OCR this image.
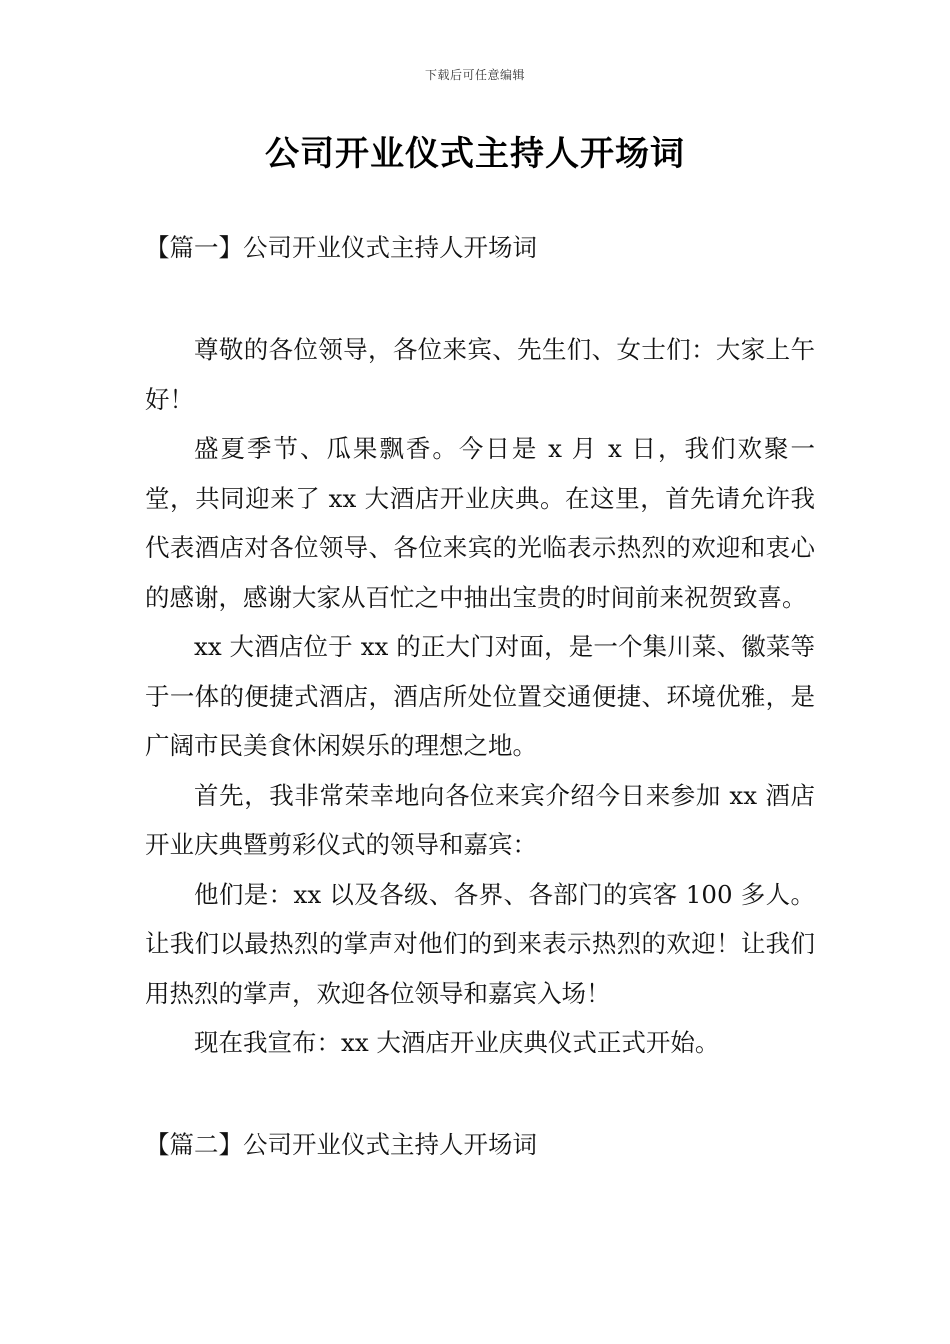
下载后可任意编辑
公司开业仪式主持人开场词
【篇一】公司开业仪式主持人开场词

尊敬的各位领导，各位来宾、先生们、女士们：大家上午好！

盛夏季节、瓜果飘香。今日是 x 月 x 日，我们欢聚一堂，共同迎来了 xx 大酒店开业庆典。在这里，首先请允许我代表酒店对各位领导、各位来宾的光临表示热烈的欢迎和衷心的感谢，感谢大家从百忙之中抽出宝贵的时间前来祝贺致喜。

xx 大酒店位于 xx 的正大门对面，是一个集川菜、徽菜等于一体的便捷式酒店，酒店所处位置交通便捷、环境优雅，是广阔市民美食休闲娱乐的理想之地。

首先，我非常荣幸地向各位来宾介绍今日来参加 xx 酒店开业庆典暨剪彩仪式的领导和嘉宾：

他们是：xx 以及各级、各界、各部门的宾客 100 多人。让我们以最热烈的掌声对他们的到来表示热烈的欢迎！让我们用热烈的掌声，欢迎各位领导和嘉宾入场！

现在我宣布：xx 大酒店开业庆典仪式正式开始。

【篇二】公司开业仪式主持人开场词
